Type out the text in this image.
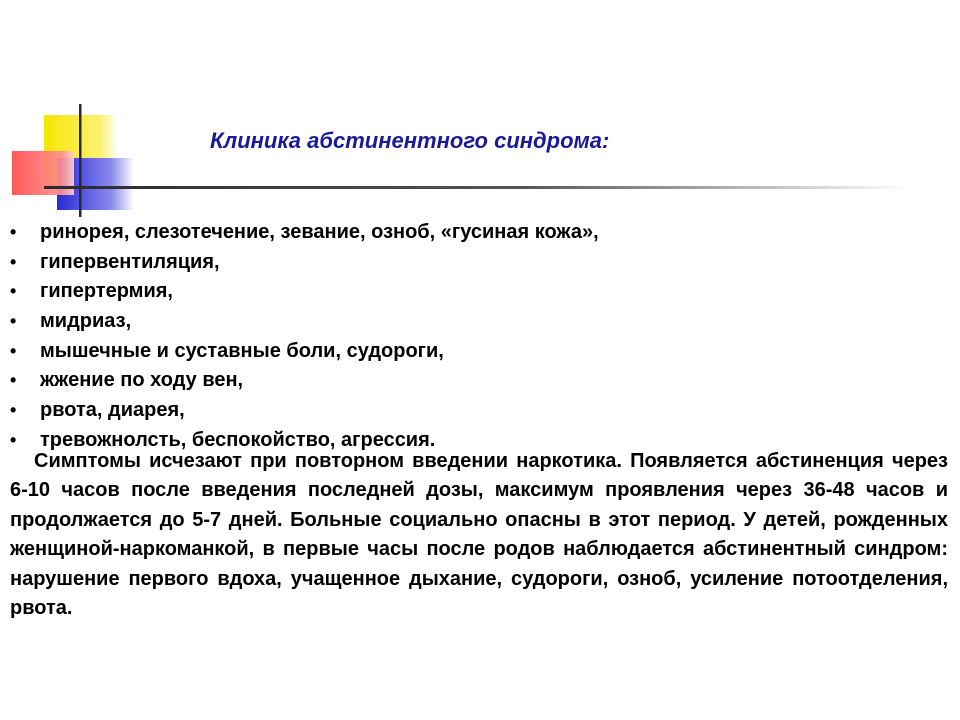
Клиника абстинентного синдрома:
• ринорея, слезотечение, зевание, озноб, «гусиная кожа»,
• гипервентиляция,
• гипертермия,
• мидриаз,
• мышечные и суставные боли, судороги,
• жжение по ходу вен,
• рвота, диарея,
• тревожнолсть, беспокойство, агрессия.

Симптомы исчезают при повторном введении наркотика. Появляется абстиненция через 6-10 часов после введения последней дозы, максимум проявления через 36-48 часов и продолжается до 5-7 дней. Больные социально опасны в этот период. У детей, рожденных женщиной-наркоманкой, в первые часы после родов наблюдается абстинентный синдром: нарушение первого вдоха, учащенное дыхание, судороги, озноб, усиление потоотделения, рвота.
